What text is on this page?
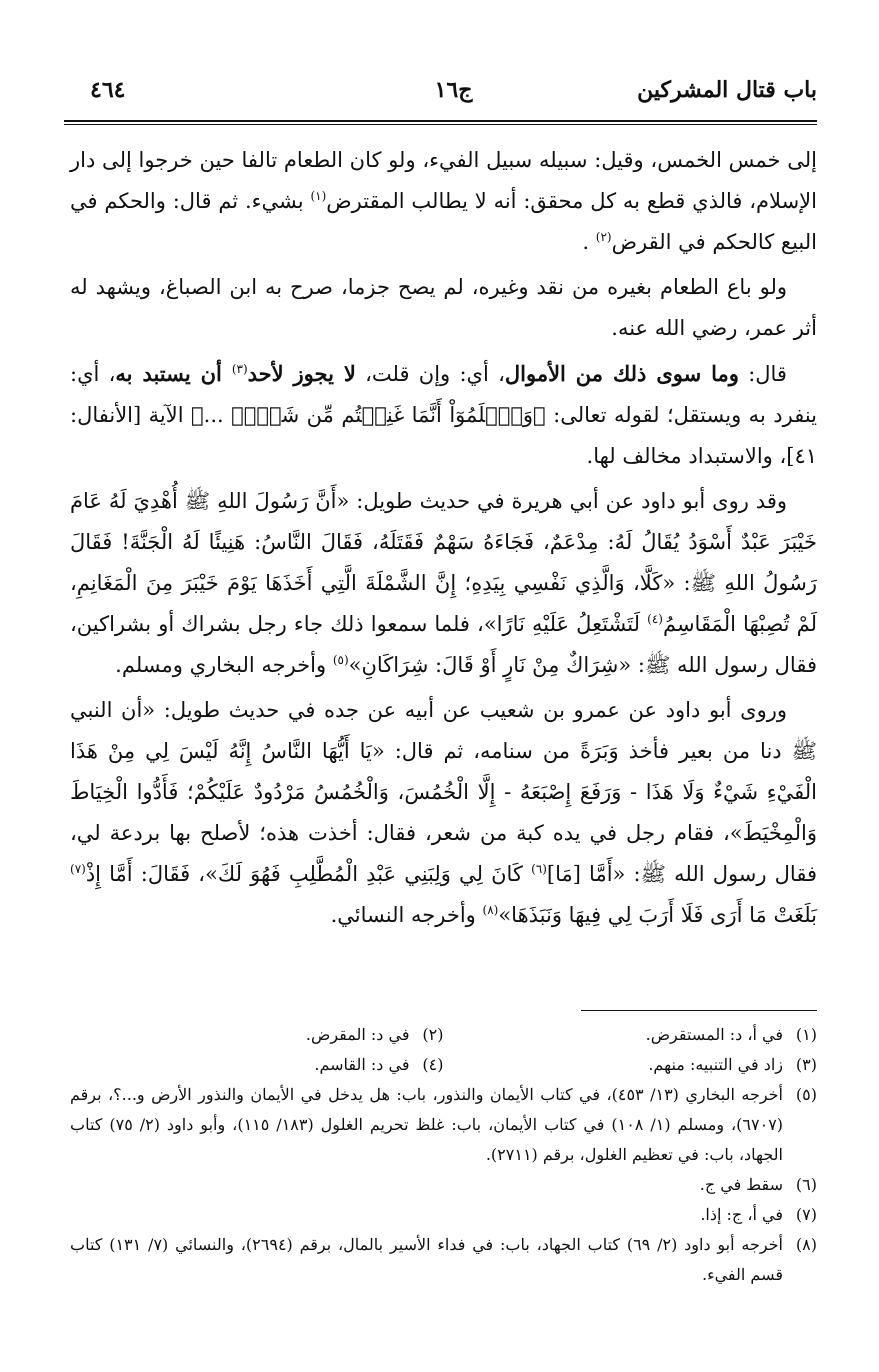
باب قتال المشركين
ج١٦
٤٦٤

إلى خمس الخمس، وقيل: سبيله سبيل الفيء، ولو كان الطعام تالفا حين خرجوا إلى دار الإسلام، فالذي قطع به كل محقق: أنه لا يطالب المقترض$^{(١)}$ بشيء. ثم قال: والحكم في البيع كالحكم في القرض$^{(٢)}$ .

ولو باع الطعام بغيره من نقد وغيره، لم يصح جزما، صرح به ابن الصباغ، ويشهد له أثر عمر، رضي الله عنه.

قال: وما سوى ذلك من الأموال، أي: وإن قلت، لا يجوز لأحد$^{(٣)}$ أن يستبد به، أي: ينفرد به ويستقل؛ لقوله تعالى: ﴿وَٱعۡلَمُوٓاْ أَنَّمَا غَنِمۡتُم مِّن شَيۡءٖ ...﴾ الآية [الأنفال: ٤١]، والاستبداد مخالف لها.

وقد روى أبو داود عن أبي هريرة في حديث طويل: «أَنَّ رَسُولَ اللهِ ﷺ أُهْدِيَ لَهُ عَامَ خَيْبَرَ عَبْدٌ أَسْوَدُ يُقَالُ لَهُ: مِدْعَمٌ، فَجَاءَهُ سَهْمٌ فَقَتَلَهُ، فَقَالَ النَّاسُ: هَنِيئًا لَهُ الْجَنَّةَ! فَقَالَ رَسُولُ اللهِ ﷺ: «كَلَّا، وَالَّذِي نَفْسِي بِيَدِهِ؛ إِنَّ الشَّمْلَةَ الَّتِي أَخَذَهَا يَوْمَ خَيْبَرَ مِنَ الْمَغَانِمِ، لَمْ تُصِبْهَا الْمَقَاسِمُ$^{(٤)}$ لَتَشْتَعِلُ عَلَيْهِ نَارًا»، فلما سمعوا ذلك جاء رجل بشراك أو بشراكين، فقال رسول الله ﷺ: «شِرَاكٌ مِنْ نَارٍ أَوْ قَالَ: شِرَاكَانِ»$^{(٥)}$ وأخرجه البخاري ومسلم.

وروى أبو داود عن عمرو بن شعيب عن أبيه عن جده في حديث طويل: «أن النبي ﷺ دنا من بعير فأخذ وَبَرَةً من سنامه، ثم قال: «يَا أَيُّهَا النَّاسُ إِنَّهُ لَيْسَ لِي مِنْ هَذَا الْفَيْءِ شَيْءٌ وَلَا هَذَا - وَرَفَعَ إِصْبَعَهُ - إِلَّا الْخُمُسَ، وَالْخُمُسُ مَرْدُودٌ عَلَيْكُمْ؛ فَأَدُّوا الْخِيَاطَ وَالْمِخْيَطَ»، فقام رجل في يده كبة من شعر، فقال: أخذت هذه؛ لأصلح بها بردعة لي، فقال رسول الله ﷺ: «أَمَّا [مَا]$^{(٦)}$ كَانَ لِي وَلِبَنِي عَبْدِ الْمُطَّلِبِ فَهُوَ لَكَ»، فَقَالَ: أَمَّا إِذْ$^{(٧)}$ بَلَغَتْ مَا أَرَى فَلَا أَرَبَ لِي فِيهَا وَنَبَذَهَا»$^{(٨)}$ وأخرجه النسائي.

(١)
في أ، د: المستقرض.
(٢)
في د: المقرض.
(٣)
زاد في التنبيه: منهم.
(٤)
في د: القاسم.
(٥)
أخرجه البخاري (١٣/ ٤٥٣)، في كتاب الأيمان والنذور، باب: هل يدخل في الأيمان والنذور الأرض و...؟، برقم (٦٧٠٧)، ومسلم (١/ ١٠٨) في كتاب الأيمان، باب: غلظ تحريم الغلول (١٨٣/ ١١٥)، وأبو داود (٢/ ٧٥) كتاب الجهاد، باب: في تعظيم الغلول، برقم (٢٧١١).
(٦)
سقط في ج.
(٧)
في أ، ج: إذا.
(٨)
أخرجه أبو داود (٢/ ٦٩) كتاب الجهاد، باب: في فداء الأسير بالمال، برقم (٢٦٩٤)، والنسائي (٧/ ١٣١) كتاب قسم الفيء.
